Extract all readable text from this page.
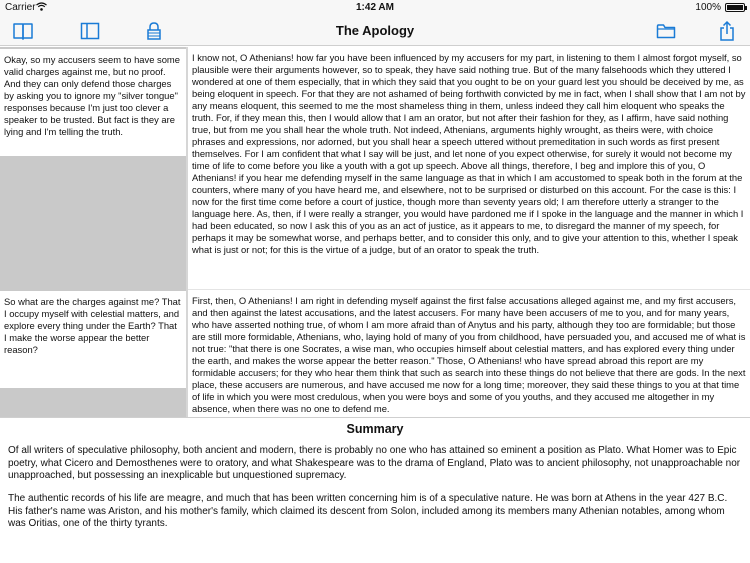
Carrier	1:42 AM	100%
The Apology
Okay, so my accusers seem to have some valid charges against me, but no proof. And they can only defend those charges by asking you to ignore my "silver tongue" responses because I'm just too clever a speaker to be trusted. But fact is they are lying and I'm telling the truth.
So what are the charges against me? That I occupy myself with celestial matters, and explore every thing under the Earth? That I make the worse appear the better reason?
I know not, O Athenians! how far you have been influenced by my accusers for my part, in listening to them I almost forgot myself, so plausible were their arguments however, so to speak, they have said nothing true. But of the many falsehoods which they uttered I wondered at one of them especially, that in which they said that you ought to be on your guard lest you should be deceived by me, as being eloquent in speech. For that they are not ashamed of being forthwith convicted by me in fact, when I shall show that I am not by any means eloquent, this seemed to me the most shameless thing in them, unless indeed they call him eloquent who speaks the truth. For, if they mean this, then I would allow that I am an orator, but not after their fashion for they, as I affirm, have said nothing true, but from me you shall hear the whole truth. Not indeed, Athenians, arguments highly wrought, as theirs were, with choice phrases and expressions, nor adorned, but you shall hear a speech uttered without premeditation in such words as first present themselves. For I am confident that what I say will be just, and let none of you expect otherwise, for surely it would not become my time of life to come before you like a youth with a got up speech. Above all things, therefore, I beg and implore this of you, O Athenians! if you hear me defending myself in the same language as that in which I am accustomed to speak both in the forum at the counters, where many of you have heard me, and elsewhere, not to be surprised or disturbed on this account. For the case is this: I now for the first time come before a court of justice, though more than seventy years old; I am therefore utterly a stranger to the language here. As, then, if I were really a stranger, you would have pardoned me if I spoke in the language and the manner in which I had been educated, so now I ask this of you as an act of justice, as it appears to me, to disregard the manner of my speech, for perhaps it may be somewhat worse, and perhaps better, and to consider this only, and to give your attention to this, whether I speak what is just or not; for this is the virtue of a judge, but of an orator to speak the truth.
First, then, O Athenians! I am right in defending myself against the first false accusations alleged against me, and my first accusers, and then against the latest accusations, and the latest accusers. For many have been accusers of me to you, and for many years, who have asserted nothing true, of whom I am more afraid than of Anytus and his party, although they too are formidable; but those are still more formidable, Athenians, who, laying hold of many of you from childhood, have persuaded you, and accused me of what is not true: "that there is one Socrates, a wise man, who occupies himself about celestial matters, and has explored every thing under the earth, and makes the worse appear the better reason." Those, O Athenians! who have spread abroad this report are my formidable accusers; for they who hear them think that such as search into these things do not believe that there are gods. In the next place, these accusers are numerous, and have accused me now for a long time; moreover, they said these things to you at that time of life in which you were most credulous, when you were boys and some of you youths, and they accused me altogether in my absence, when there was no one to defend me.
Summary

Of all writers of speculative philosophy, both ancient and modern, there is probably no one who has attained so eminent a position as Plato. What Homer was to Epic poetry, what Cicero and Demosthenes were to oratory, and what Shakespeare was to the drama of England, Plato was to ancient philosophy, not unapproachable nor unapproached, but possessing an inexplicable but unquestioned supremacy.

The authentic records of his life are meagre, and much that has been written concerning him is of a speculative nature. He was born at Athens in the year 427 B.C. His father's name was Ariston, and his mother's family, which claimed its descent from Solon, included among its members many Athenian notables, among whom was Oritias, one of the thirty tyrants.
